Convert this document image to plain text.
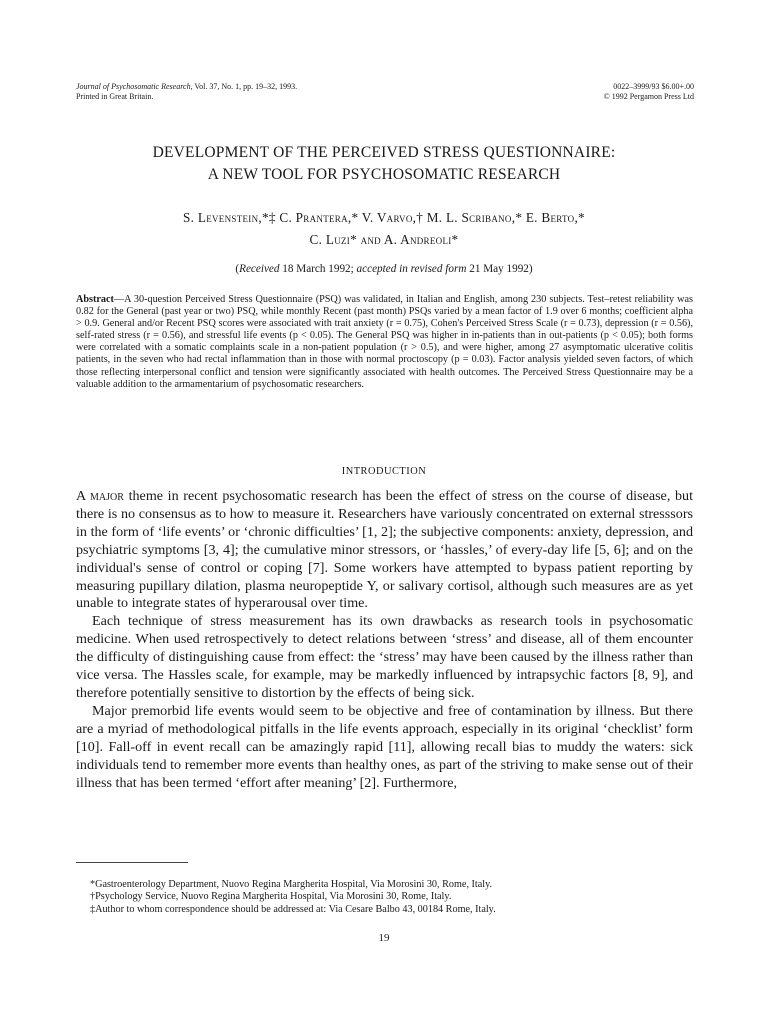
Journal of Psychosomatic Research, Vol. 37, No. 1, pp. 19–32, 1993.
Printed in Great Britain.
0022–3999/93 $6.00+.00
© 1992 Pergamon Press Ltd
DEVELOPMENT OF THE PERCEIVED STRESS QUESTIONNAIRE:
A NEW TOOL FOR PSYCHOSOMATIC RESEARCH
S. Levenstein,*‡ C. Prantera,* V. Varvo,† M. L. Scribano,* E. Berto,*
C. Luzi* and A. Andreoli*
(Received 18 March 1992; accepted in revised form 21 May 1992)
Abstract—A 30-question Perceived Stress Questionnaire (PSQ) was validated, in Italian and English, among 230 subjects. Test–retest reliability was 0.82 for the General (past year or two) PSQ, while monthly Recent (past month) PSQs varied by a mean factor of 1.9 over 6 months; coefficient alpha > 0.9. General and/or Recent PSQ scores were associated with trait anxiety (r = 0.75), Cohen's Perceived Stress Scale (r = 0.73), depression (r = 0.56), self-rated stress (r = 0.56), and stressful life events (p < 0.05). The General PSQ was higher in in-patients than in out-patients (p < 0.05); both forms were correlated with a somatic complaints scale in a non-patient population (r > 0.5), and were higher, among 27 asymptomatic ulcerative colitis patients, in the seven who had rectal inflammation than in those with normal proctoscopy (p = 0.03). Factor analysis yielded seven factors, of which those reflecting interpersonal conflict and tension were significantly associated with health outcomes. The Perceived Stress Questionnaire may be a valuable addition to the armamentarium of psychosomatic researchers.
INTRODUCTION

A major theme in recent psychosomatic research has been the effect of stress on the course of disease, but there is no consensus as to how to measure it. Researchers have variously concentrated on external stresssors in the form of ‘life events’ or ‘chronic difficulties’ [1, 2]; the subjective components: anxiety, depression, and psychiatric symptoms [3, 4]; the cumulative minor stressors, or ‘hassles,’ of every-day life [5, 6]; and on the individual's sense of control or coping [7]. Some workers have attempted to bypass patient reporting by measuring pupillary dilation, plasma neuropeptide Y, or salivary cortisol, although such measures are as yet unable to integrate states of hyperarousal over time.

Each technique of stress measurement has its own drawbacks as research tools in psychosomatic medicine. When used retrospectively to detect relations between ‘stress’ and disease, all of them encounter the difficulty of distinguishing cause from effect: the ‘stress’ may have been caused by the illness rather than vice versa. The Hassles scale, for example, may be markedly influenced by intrapsychic factors [8, 9], and therefore potentially sensitive to distortion by the effects of being sick.

Major premorbid life events would seem to be objective and free of contamination by illness. But there are a myriad of methodological pitfalls in the life events approach, especially in its original ‘checklist’ form [10]. Fall-off in event recall can be amazingly rapid [11], allowing recall bias to muddy the waters: sick individuals tend to remember more events than healthy ones, as part of the striving to make sense out of their illness that has been termed ‘effort after meaning’ [2]. Furthermore,

*Gastroenterology Department, Nuovo Regina Margherita Hospital, Via Morosini 30, Rome, Italy.
†Psychology Service, Nuovo Regina Margherita Hospital, Via Morosini 30, Rome, Italy.
‡Author to whom correspondence should be addressed at: Via Cesare Balbo 43, 00184 Rome, Italy.
19
